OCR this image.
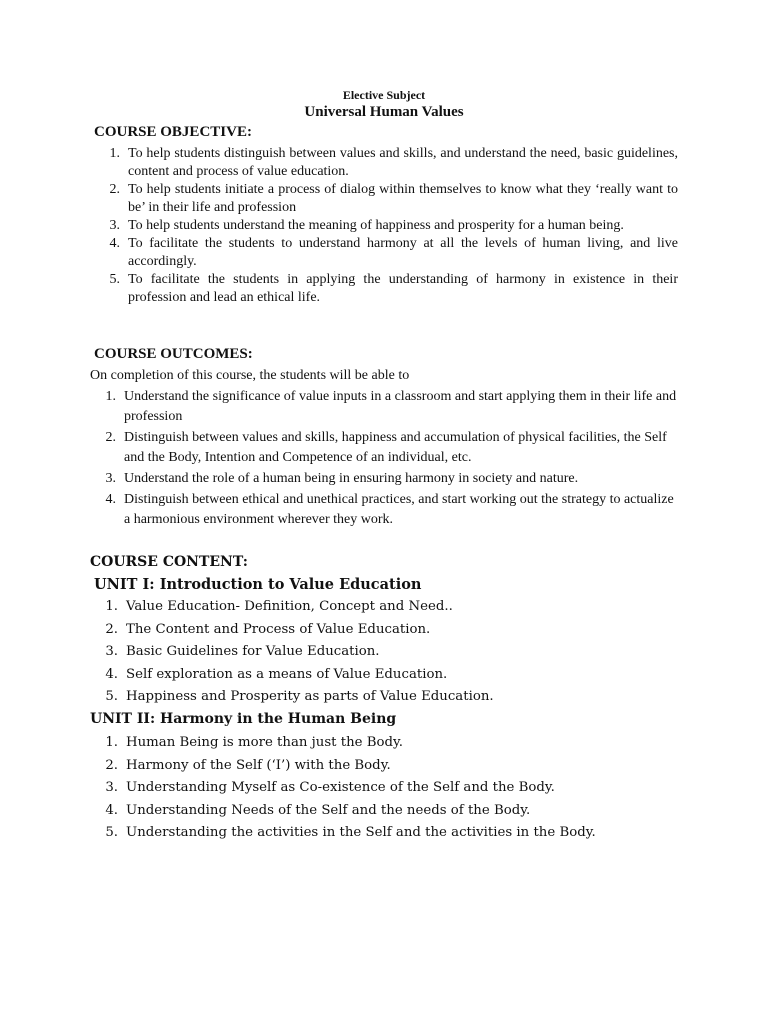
Elective Subject
Universal Human Values
COURSE OBJECTIVE:
1. To help students distinguish between values and skills, and understand the need, basic guidelines, content and process of value education.
2. To help students initiate a process of dialog within themselves to know what they ‘really want to be’ in their life and profession
3. To help students understand the meaning of happiness and prosperity for a human being.
4. To facilitate the students to understand harmony at all the levels of human living, and live accordingly.
5. To facilitate the students in applying the understanding of harmony in existence in their profession and lead an ethical life.
COURSE OUTCOMES:
On completion of this course, the students will be able to
1. Understand the significance of value inputs in a classroom and start applying them in their life and profession
2. Distinguish between values and skills, happiness and accumulation of physical facilities, the Self and the Body, Intention and Competence of an individual, etc.
3. Understand the role of a human being in ensuring harmony in society and nature.
4. Distinguish between ethical and unethical practices, and start working out the strategy to actualize a harmonious environment wherever they work.
COURSE CONTENT:
UNIT I: Introduction to Value Education
1. Value Education- Definition, Concept and Need..
2. The Content and Process of Value Education.
3. Basic Guidelines for Value Education.
4. Self exploration as a means of Value Education.
5. Happiness and Prosperity as parts of Value Education.
UNIT II: Harmony in the Human Being
1. Human Being is more than just the Body.
2. Harmony of the Self (‘I’) with the Body.
3. Understanding Myself as Co-existence of the Self and the Body.
4. Understanding Needs of the Self and the needs of the Body.
5. Understanding the activities in the Self and the activities in the Body.
